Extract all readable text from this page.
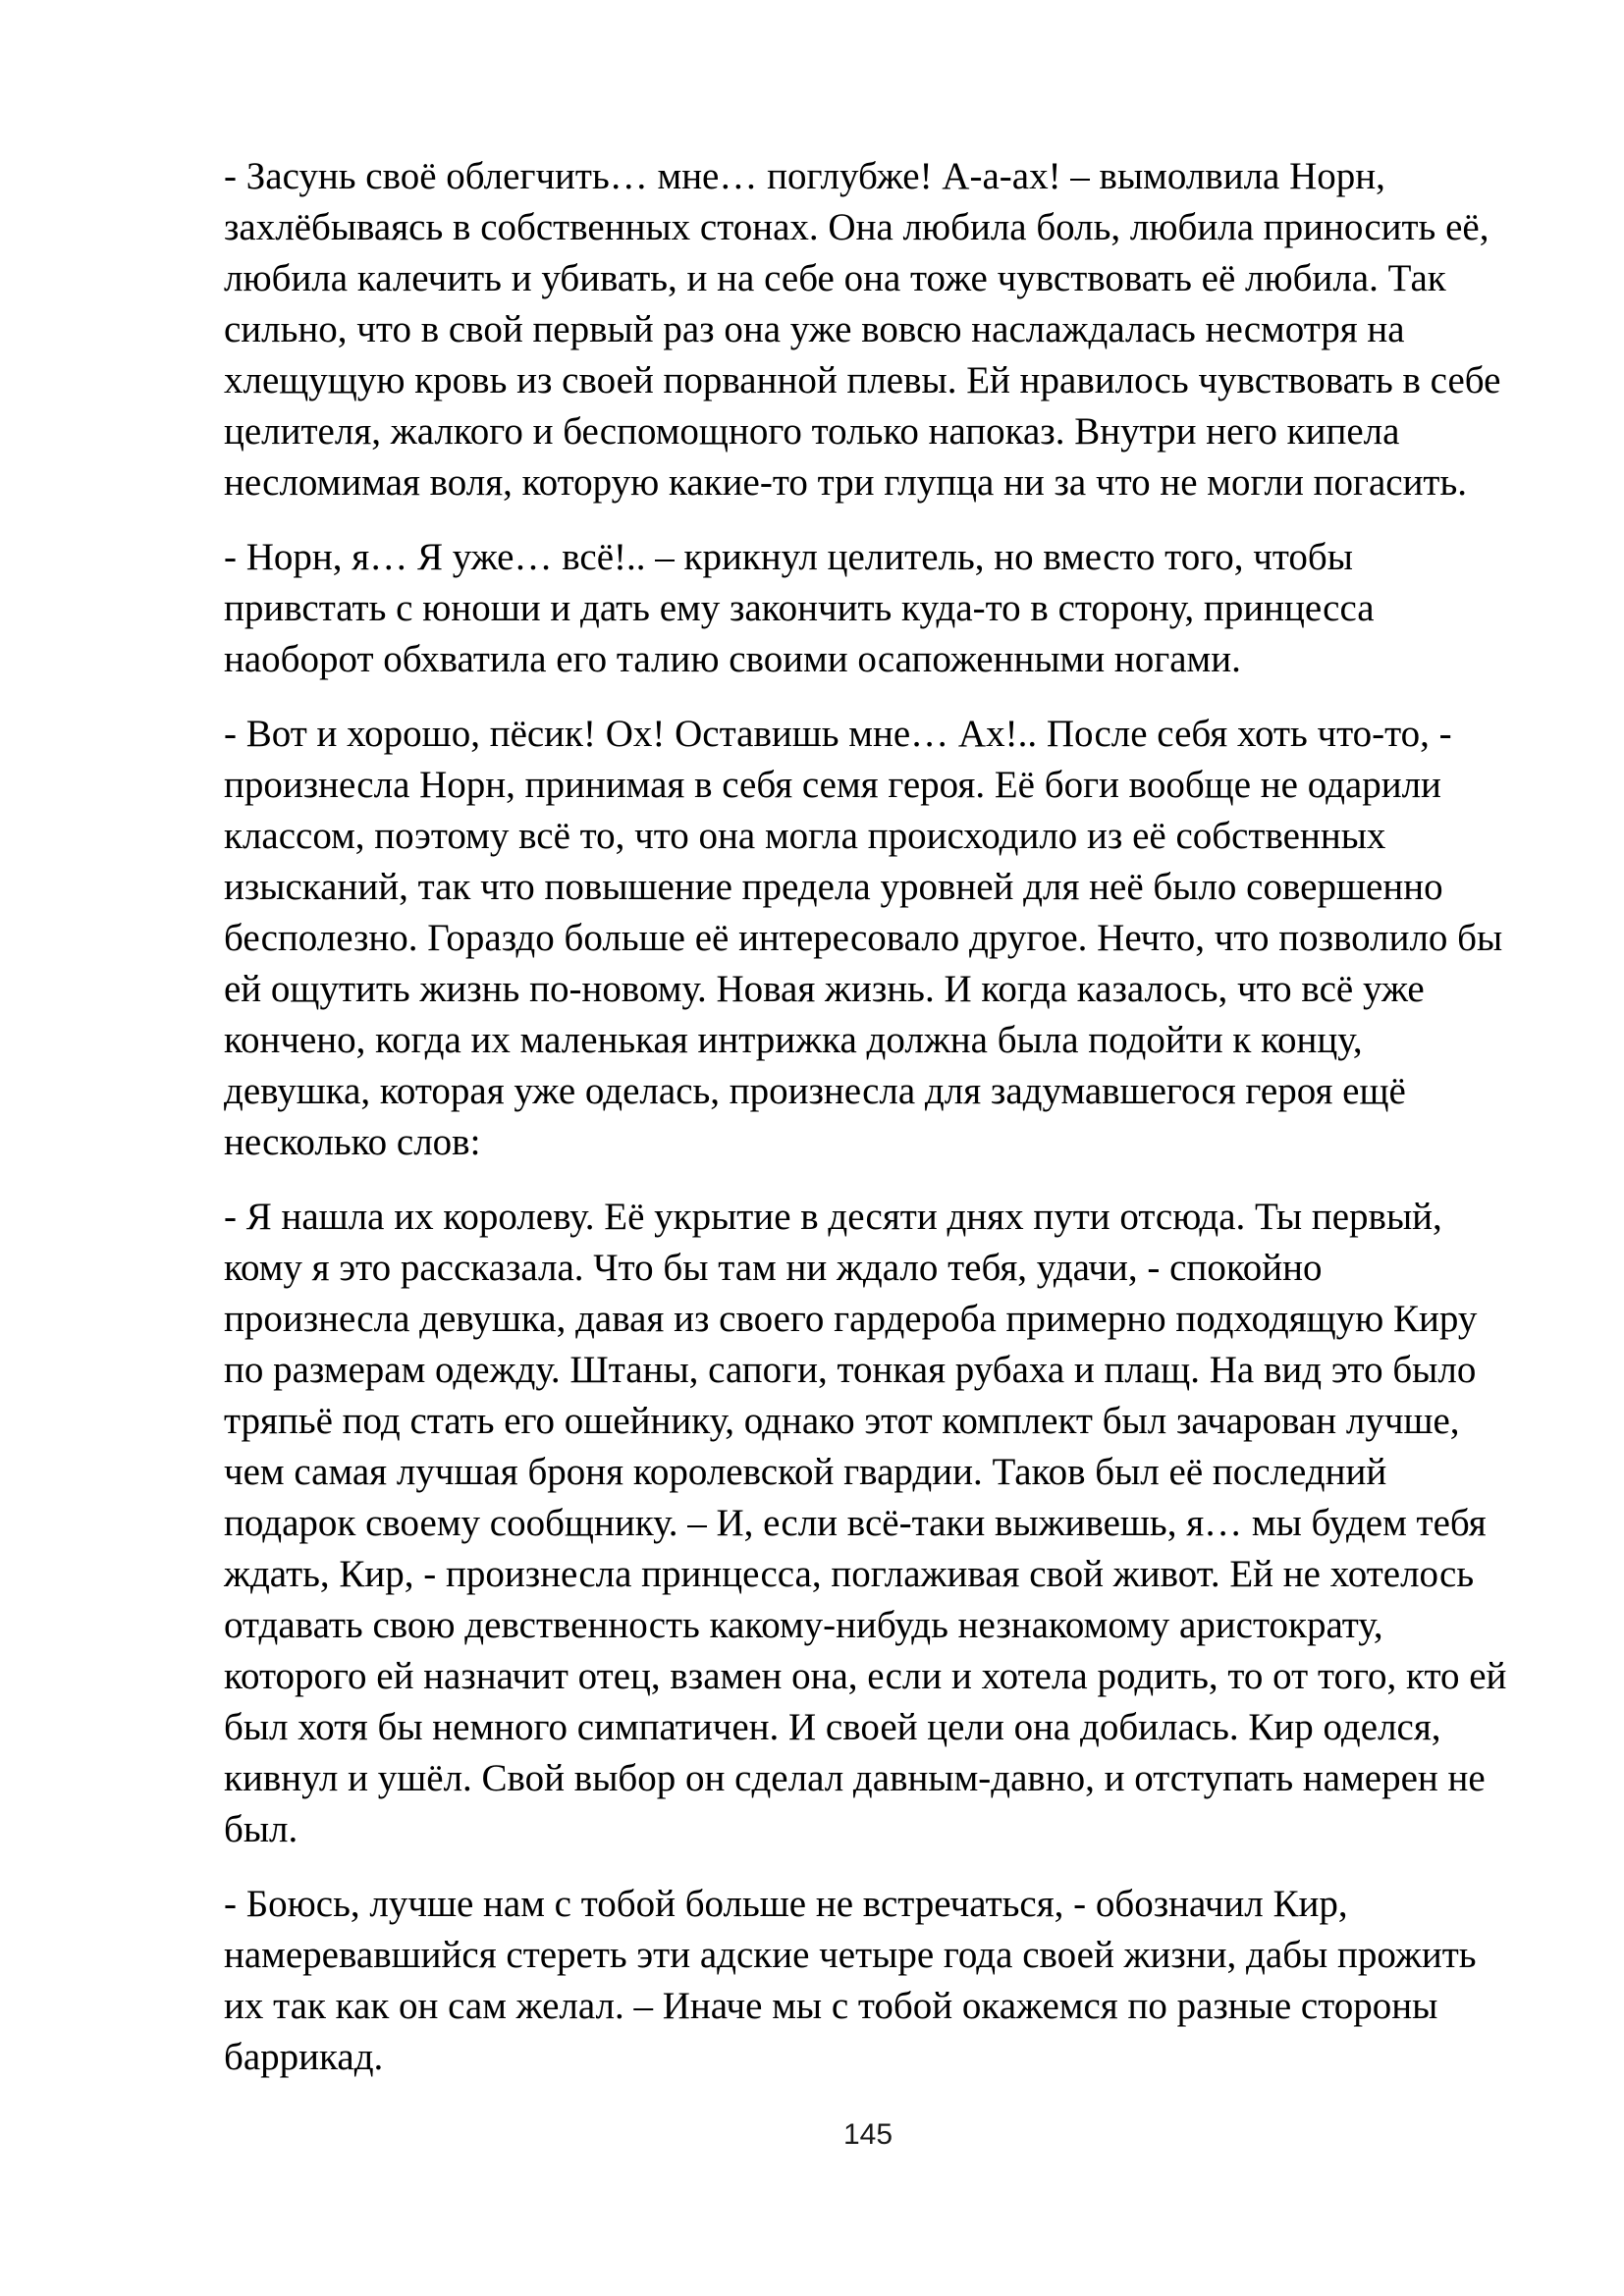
- Засунь своё облегчить… мне… поглубже! А-а-ах! – вымолвила Норн, захлёбываясь в собственных стонах. Она любила боль, любила приносить её, любила калечить и убивать, и на себе она тоже чувствовать её любила. Так сильно, что в свой первый раз она уже вовсю наслаждалась несмотря на хлещущую кровь из своей порванной плевы. Ей нравилось чувствовать в себе целителя, жалкого и беспомощного только напоказ. Внутри него кипела несломимая воля, которую какие-то три глупца ни за что не могли погасить.

- Норн, я… Я уже… всё!.. – крикнул целитель, но вместо того, чтобы привстать с юноши и дать ему закончить куда-то в сторону, принцесса наоборот обхватила его талию своими осапоженными ногами.

- Вот и хорошо, пёсик! Ох! Оставишь мне… Ах!.. После себя хоть что-то, - произнесла Норн, принимая в себя семя героя. Её боги вообще не одарили классом, поэтому всё то, что она могла происходило из её собственных изысканий, так что повышение предела уровней для неё было совершенно бесполезно. Гораздо больше её интересовало другое. Нечто, что позволило бы ей ощутить жизнь по-новому. Новая жизнь. И когда казалось, что всё уже кончено, когда их маленькая интрижка должна была подойти к концу, девушка, которая уже оделась, произнесла для задумавшегося героя ещё несколько слов:

- Я нашла их королеву. Её укрытие в десяти днях пути отсюда. Ты первый, кому я это рассказала. Что бы там ни ждало тебя, удачи, - спокойно произнесла девушка, давая из своего гардероба примерно подходящую Киру по размерам одежду. Штаны, сапоги, тонкая рубаха и плащ. На вид это было тряпьё под стать его ошейнику, однако этот комплект был зачарован лучше, чем самая лучшая броня королевской гвардии. Таков был её последний подарок своему сообщнику. – И, если всё-таки выживешь, я… мы будем тебя ждать, Кир, - произнесла принцесса, поглаживая свой живот. Ей не хотелось отдавать свою девственность какому-нибудь незнакомому аристократу, которого ей назначит отец, взамен она, если и хотела родить, то от того, кто ей был хотя бы немного симпатичен. И своей цели она добилась. Кир оделся, кивнул и ушёл. Свой выбор он сделал давным-давно, и отступать намерен не был.

- Боюсь, лучше нам с тобой больше не встречаться, - обозначил Кир, намеревавшийся стереть эти адские четыре года своей жизни, дабы прожить их так как он сам желал. – Иначе мы с тобой окажемся по разные стороны баррикад.

145
